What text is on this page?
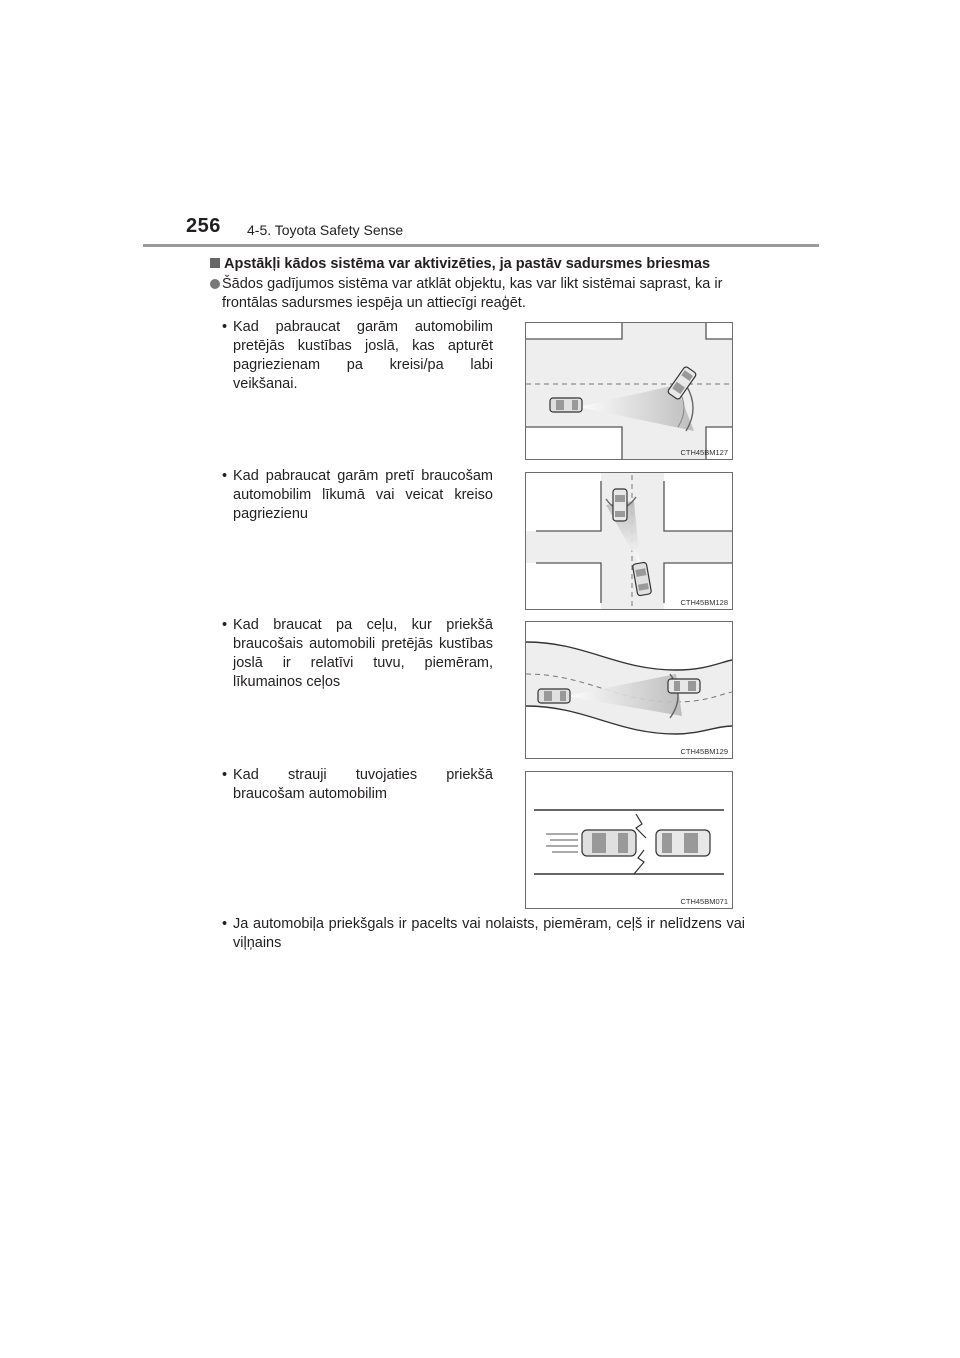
256 4-5. Toyota Safety Sense
Apstākļi kādos sistēma var aktivizēties, ja pastāv sadursmes briesmas
Šādos gadījumos sistēma var atklāt objektu, kas var likt sistēmai saprast, ka ir frontālas sadursmes iespēja un attiecīgi reaģēt.
• Kad pabraucat garām automobilim pretējās kustības joslā, kas apturēt pagriezienam pa kreisi/pa labi veikšanai.
CTH45BM127
• Kad pabraucat garām pretī braucošam automobilim līkumā vai veicat kreiso pagriezienu
CTH45BM128
• Kad braucat pa ceļu, kur priekšā braucošais automobili pretējās kustības joslā ir relatīvi tuvu, piemēram, līkumainos ceļos
CTH45BM129
• Kad strauji tuvojaties priekšā braucošam automobilim
CTH45BM071
• Ja automobiļa priekšgals ir pacelts vai nolaists, piemēram, ceļš ir nelīdzens vai viļņains
